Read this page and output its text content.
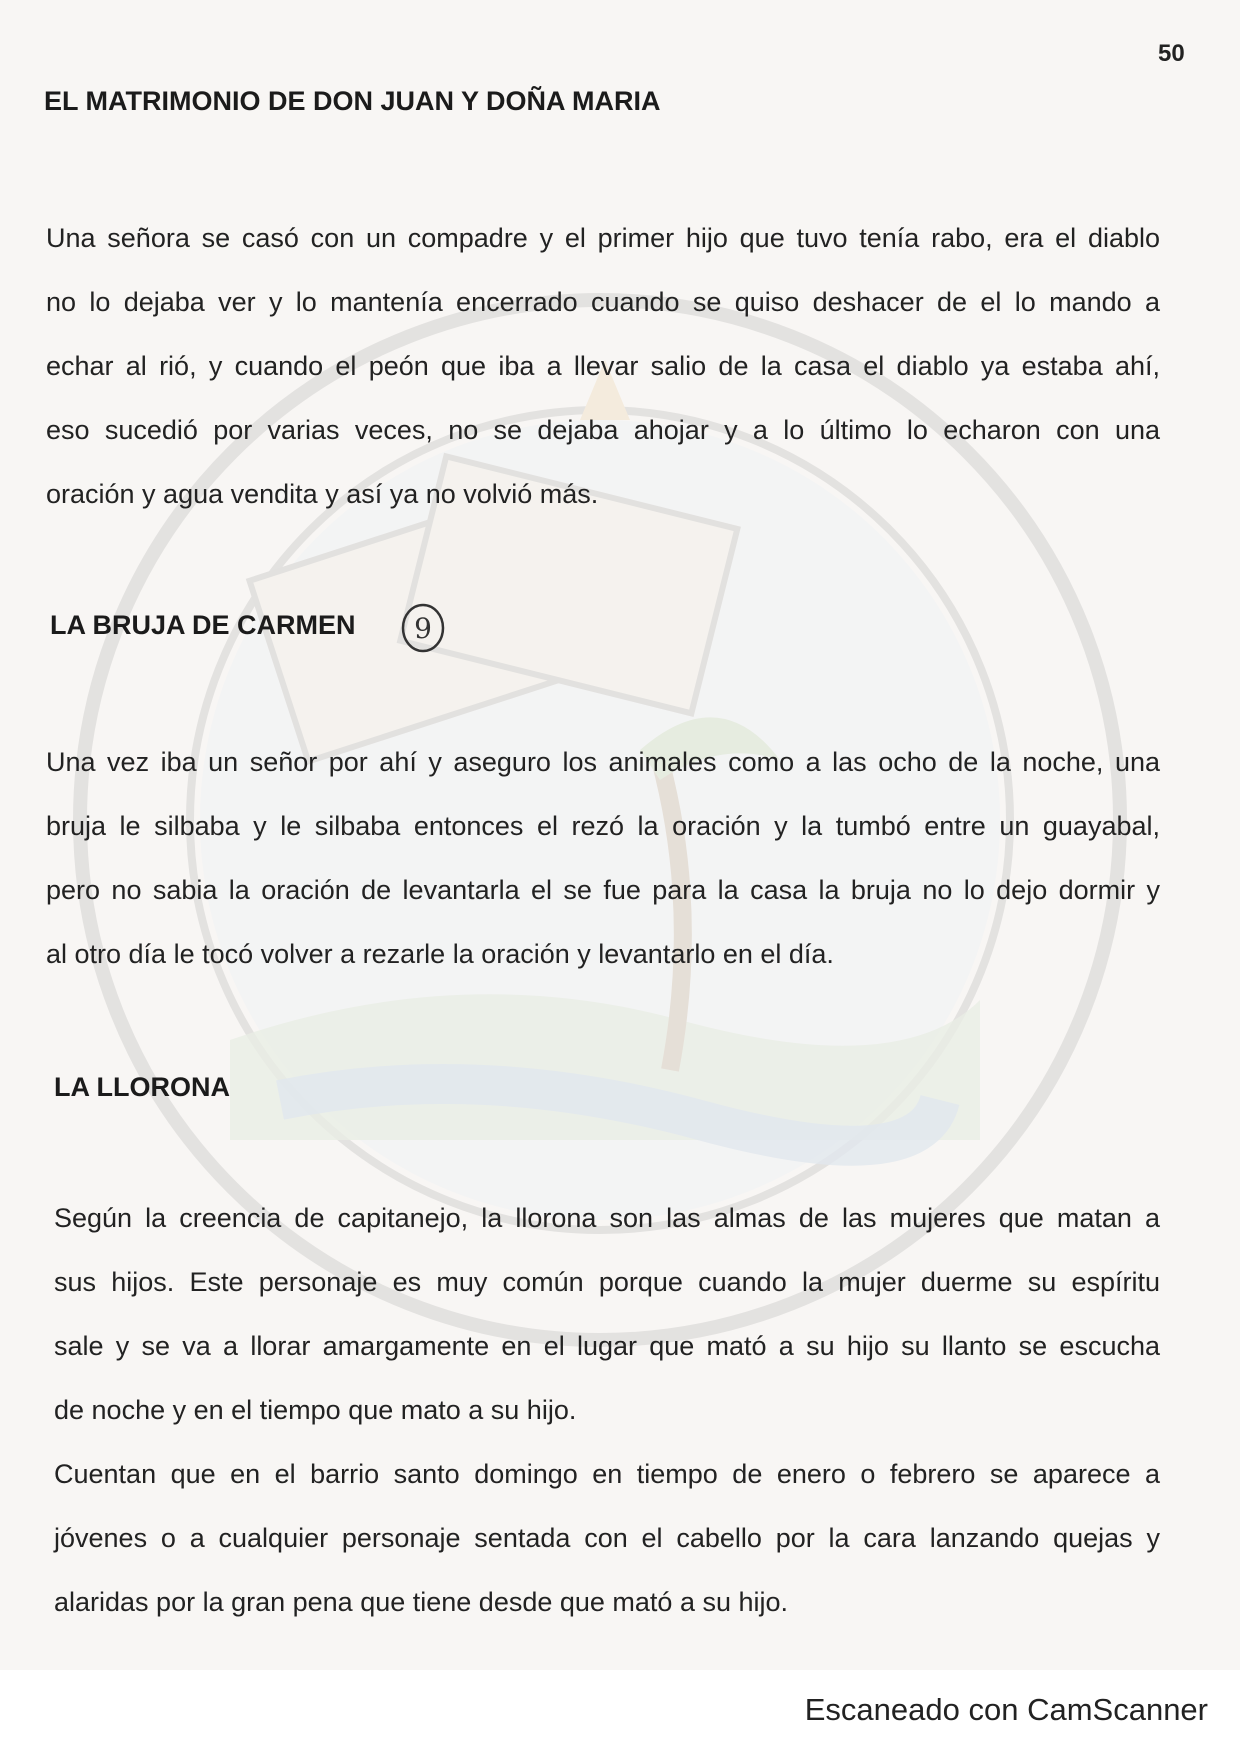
50
EL MATRIMONIO DE DON JUAN Y DOÑA MARIA
Una señora se casó con un compadre y el primer hijo que tuvo tenía rabo, era el diablo
no lo dejaba ver y lo mantenía encerrado cuando se quiso deshacer de el lo mando a
echar al rió, y cuando el peón que iba a llevar salio de la casa el diablo ya estaba ahí,
eso sucedió por varias veces, no se dejaba ahojar y a lo último lo echaron con una
oración y agua vendita y así ya no volvió más.
LA BRUJA DE CARMEN 9
Una vez iba un señor por ahí y aseguro los animales como a las ocho de la noche, una
bruja le silbaba y le silbaba entonces el rezó la oración y la tumbó entre un guayabal,
pero no sabia la oración de levantarla el se fue para la casa la bruja no lo dejo dormir y
al otro día le tocó volver a rezarle la oración y levantarlo en el día.
LA LLORONA
Según la creencia de capitanejo, la llorona son las almas de las mujeres que matan a
sus hijos. Este personaje es muy común porque cuando la mujer duerme su espíritu
sale y se va a llorar amargamente en el lugar que mató a su hijo su llanto se escucha
de noche y en el tiempo que mato a su hijo.
Cuentan que en el barrio santo domingo en tiempo de enero o febrero se aparece a
jóvenes o a cualquier personaje sentada con el cabello por la cara lanzando quejas y
alaridas por la gran pena que tiene desde que mató a su hijo.
Escaneado con CamScanner
